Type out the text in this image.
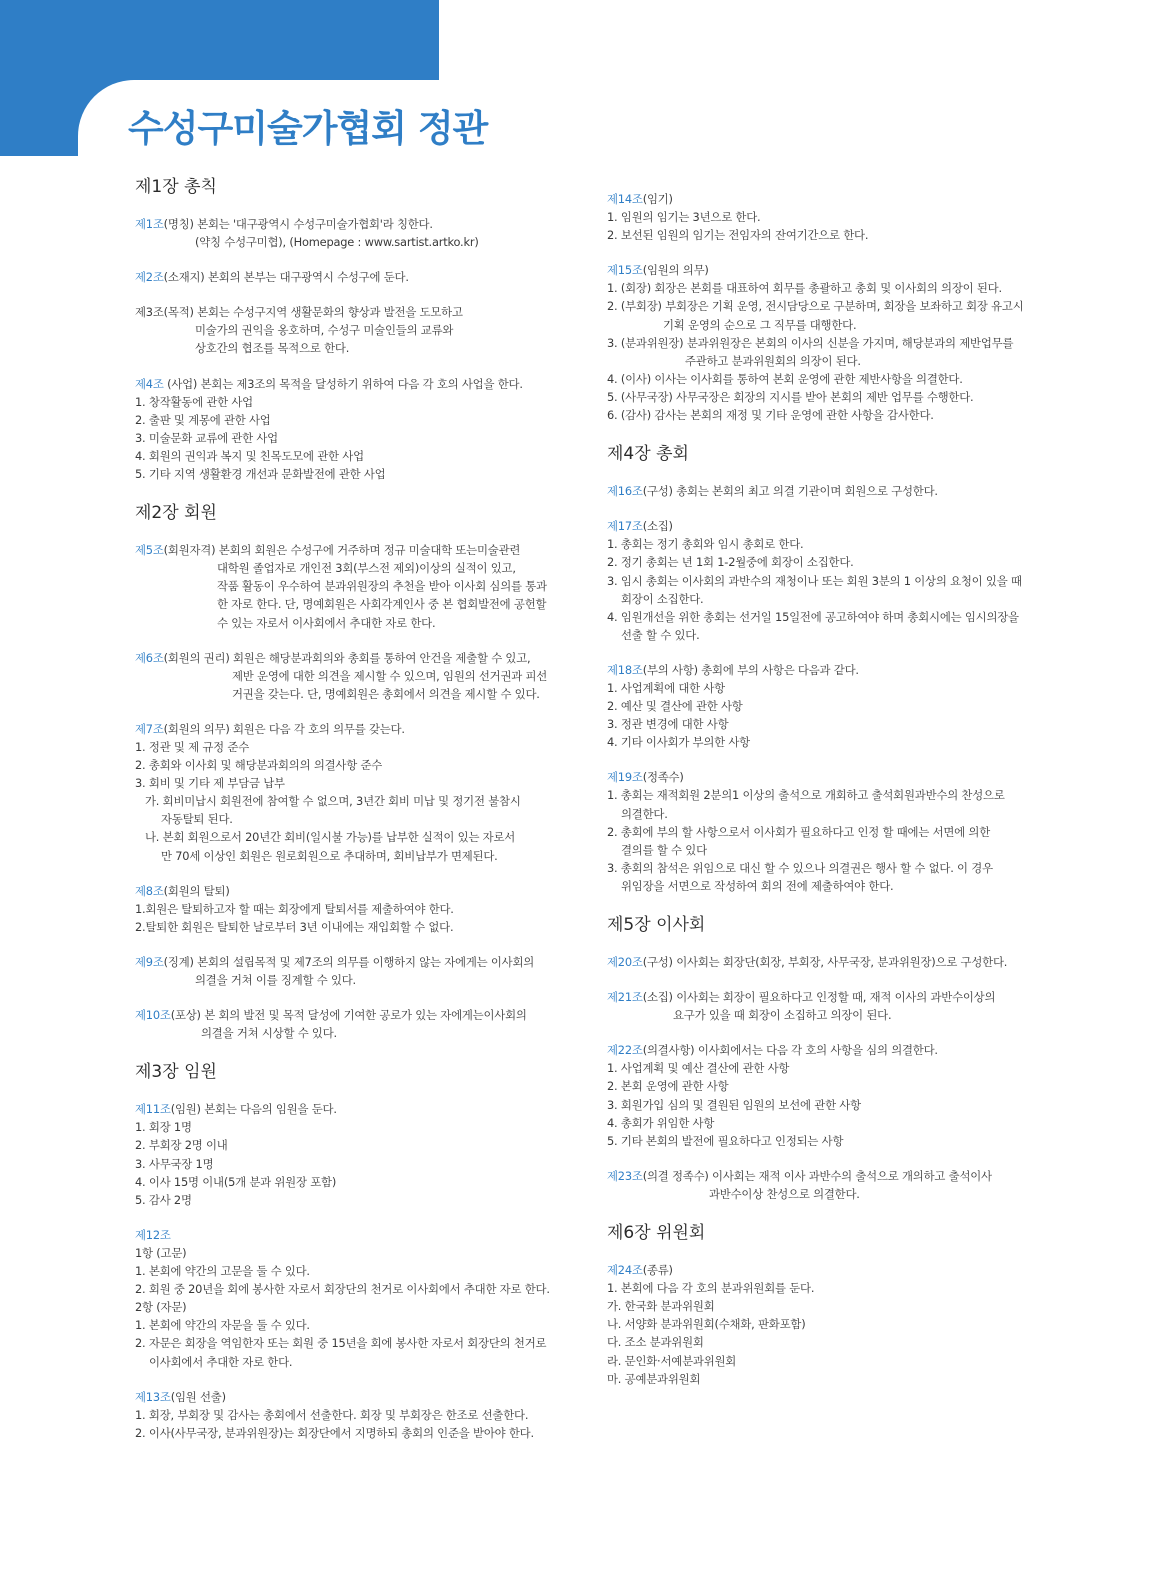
수성구미술가협회 정관
제1장 총칙
제1조(명칭) 본회는 '대구광역시 수성구미술가협회'라 칭한다.
(약칭 수성구미협), (Homepage : www.sartist.artko.kr)
제2조(소재지) 본회의 본부는 대구광역시 수성구에 둔다.
제3조(목적) 본회는 수성구지역 생활문화의 향상과 발전을 도모하고
미술가의 권익을 옹호하며, 수성구 미술인들의 교류와
상호간의 협조를 목적으로 한다.
제4조 (사업) 본회는 제3조의 목적을 달성하기 위하여 다음 각 호의 사업을 한다.
1. 창작활동에 관한 사업
2. 출판 및 계몽에 관한 사업
3. 미술문화 교류에 관한 사업
4. 회원의 권익과 복지 및 친목도모에 관한 사업
5. 기타 지역 생활환경 개선과 문화발전에 관한 사업
제2장 회원
제5조(회원자격) 본회의 회원은 수성구에 거주하며 정규 미술대학 또는미술관련
대학원 졸업자로 개인전 3회(부스전 제외)이상의 실적이 있고,
작품 활동이 우수하여 분과위원장의 추천을 받아 이사회 심의를 통과
한 자로 한다. 단, 명예회원은 사회각계인사 중 본 협회발전에 공헌할
수 있는 자로서 이사회에서 추대한 자로 한다.
제6조(회원의 권리) 회원은 해당분과회의와 총회를 통하여 안건을 제출할 수 있고,
제반 운영에 대한 의견을 제시할 수 있으며, 임원의 선거권과 피선
거권을 갖는다. 단, 명예회원은 총회에서 의견을 제시할 수 있다.
제7조(회원의 의무) 회원은 다음 각 호의 의무를 갖는다.
1. 정관 및 제 규정 준수
2. 총회와 이사회 및 해당분과회의의 의결사항 준수
3. 회비 및 기타 제 부담금 납부
가. 회비미납시 회원전에 참여할 수 없으며, 3년간 회비 미납 및 정기전 불참시
자동탈퇴 된다.
나. 본회 회원으로서 20년간 회비(일시불 가능)를 납부한 실적이 있는 자로서
만 70세 이상인 회원은 원로회원으로 추대하며, 회비납부가 면제된다.
제8조(회원의 탈퇴)
1.회원은 탈퇴하고자 할 때는 회장에게 탈퇴서를 제출하여야 한다.
2.탈퇴한 회원은 탈퇴한 날로부터 3년 이내에는 재입회할 수 없다.
제9조(징계) 본회의 설립목적 및 제7조의 의무를 이행하지 않는 자에게는 이사회의
의결을 거쳐 이를 징계할 수 있다.
제10조(포상) 본 회의 발전 및 목적 달성에 기여한 공로가 있는 자에게는이사회의
의결을 거쳐 시상할 수 있다.
제3장 임원
제11조(임원) 본회는 다음의 임원을 둔다.
1. 회장 1명
2. 부회장 2명 이내
3. 사무국장 1명
4. 이사 15명 이내(5개 분과 위원장 포함)
5. 감사 2명
제12조
1항 (고문)
1. 본회에 약간의 고문을 둘 수 있다.
2. 회원 중 20년을 회에 봉사한 자로서 회장단의 천거로 이사회에서 추대한 자로 한다.
2항 (자문)
1. 본회에 약간의 자문을 둘 수 있다.
2. 자문은 회장을 역임한자 또는 회원 중 15년을 회에 봉사한 자로서 회장단의 천거로
이사회에서 추대한 자로 한다.
제13조(임원 선출)
1. 회장, 부회장 및 감사는 총회에서 선출한다. 회장 및 부회장은 한조로 선출한다.
2. 이사(사무국장, 분과위원장)는 회장단에서 지명하되 총회의 인준을 받아야 한다.
제14조(임기)
1. 임원의 임기는 3년으로 한다.
2. 보선된 임원의 임기는 전임자의 잔여기간으로 한다.
제15조(임원의 의무)
1. (회장) 회장은 본회를 대표하여 회무를 총괄하고 총회 및 이사회의 의장이 된다.
2. (부회장) 부회장은 기획 운영, 전시담당으로 구분하며, 회장을 보좌하고 회장 유고시
기획 운영의 순으로 그 직무를 대행한다.
3. (분과위원장) 분과위원장은 본회의 이사의 신분을 가지며, 해당분과의 제반업무를
주관하고 분과위원회의 의장이 된다.
4. (이사) 이사는 이사회를 통하여 본회 운영에 관한 제반사항을 의결한다.
5. (사무국장) 사무국장은 회장의 지시를 받아 본회의 제반 업무를 수행한다.
6. (감사) 감사는 본회의 재정 및 기타 운영에 관한 사항을 감사한다.
제4장 총회
제16조(구성) 총회는 본회의 최고 의결 기관이며 회원으로 구성한다.
제17조(소집)
1. 총회는 정기 총회와 임시 총회로 한다.
2. 정기 총회는 년 1회 1-2월중에 회장이 소집한다.
3. 임시 총회는 이사회의 과반수의 재청이나 또는 회원 3분의 1 이상의 요청이 있을 때
회장이 소집한다.
4. 임원개선을 위한 총회는 선거일 15일전에 공고하여야 하며 총회시에는 임시의장을
선출 할 수 있다.
제18조(부의 사항) 총회에 부의 사항은 다음과 같다.
1. 사업계획에 대한 사항
2. 예산 및 결산에 관한 사항
3. 정관 변경에 대한 사항
4. 기타 이사회가 부의한 사항
제19조(정족수)
1. 총회는 재적회원 2분의1 이상의 출석으로 개회하고 출석회원과반수의 찬성으로
의결한다.
2. 총회에 부의 할 사항으로서 이사회가 필요하다고 인정 할 때에는 서면에 의한
결의를 할 수 있다
3. 총회의 참석은 위임으로 대신 할 수 있으나 의결권은 행사 할 수 없다. 이 경우
위임장을 서면으로 작성하여 회의 전에 제출하여야 한다.
제5장 이사회
제20조(구성) 이사회는 회장단(회장, 부회장, 사무국장, 분과위원장)으로 구성한다.
제21조(소집) 이사회는 회장이 필요하다고 인정할 때, 재적 이사의 과반수이상의
요구가 있을 때 회장이 소집하고 의장이 된다.
제22조(의결사항) 이사회에서는 다음 각 호의 사항을 심의 의결한다.
1. 사업계획 및 예산 결산에 관한 사항
2. 본회 운영에 관한 사항
3. 회원가입 심의 및 결원된 임원의 보선에 관한 사항
4. 총회가 위임한 사항
5. 기타 본회의 발전에 필요하다고 인정되는 사항
제23조(의결 정족수) 이사회는 재적 이사 과반수의 출석으로 개의하고 출석이사
과반수이상 찬성으로 의결한다.
제6장 위원회
제24조(종류)
1. 본회에 다음 각 호의 분과위원회를 둔다.
가. 한국화 분과위원회
나. 서양화 분과위원회(수채화, 판화포함)
다. 조소 분과위원회
라. 문인화·서예분과위원회
마. 공예분과위원회
